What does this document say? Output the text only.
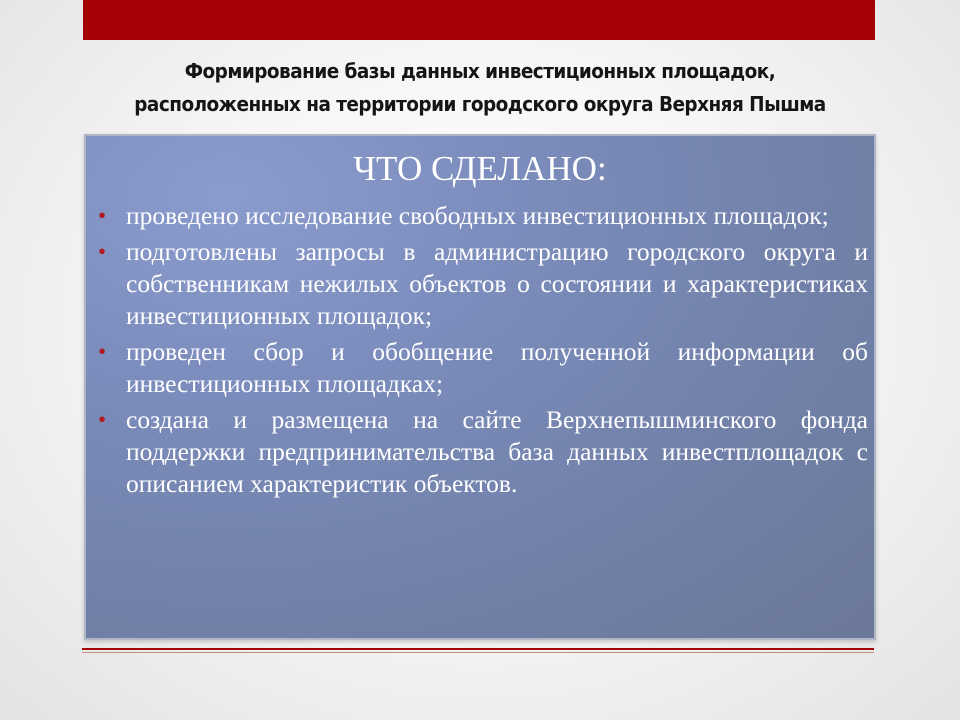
Формирование базы данных инвестиционных площадок,
расположенных на территории городского округа Верхняя Пышма
ЧТО СДЕЛАНО:
• проведено исследование свободных инвестиционных площадок;
• подготовлены запросы в администрацию городского округа и собственникам нежилых объектов о состоянии и характеристиках инвестиционных площадок;
• проведен сбор и обобщение полученной информации об инвестиционных площадках;
• создана и размещена на сайте Верхнепышминского фонда поддержки предпринимательства база данных инвестплощадок с описанием характеристик объектов.
